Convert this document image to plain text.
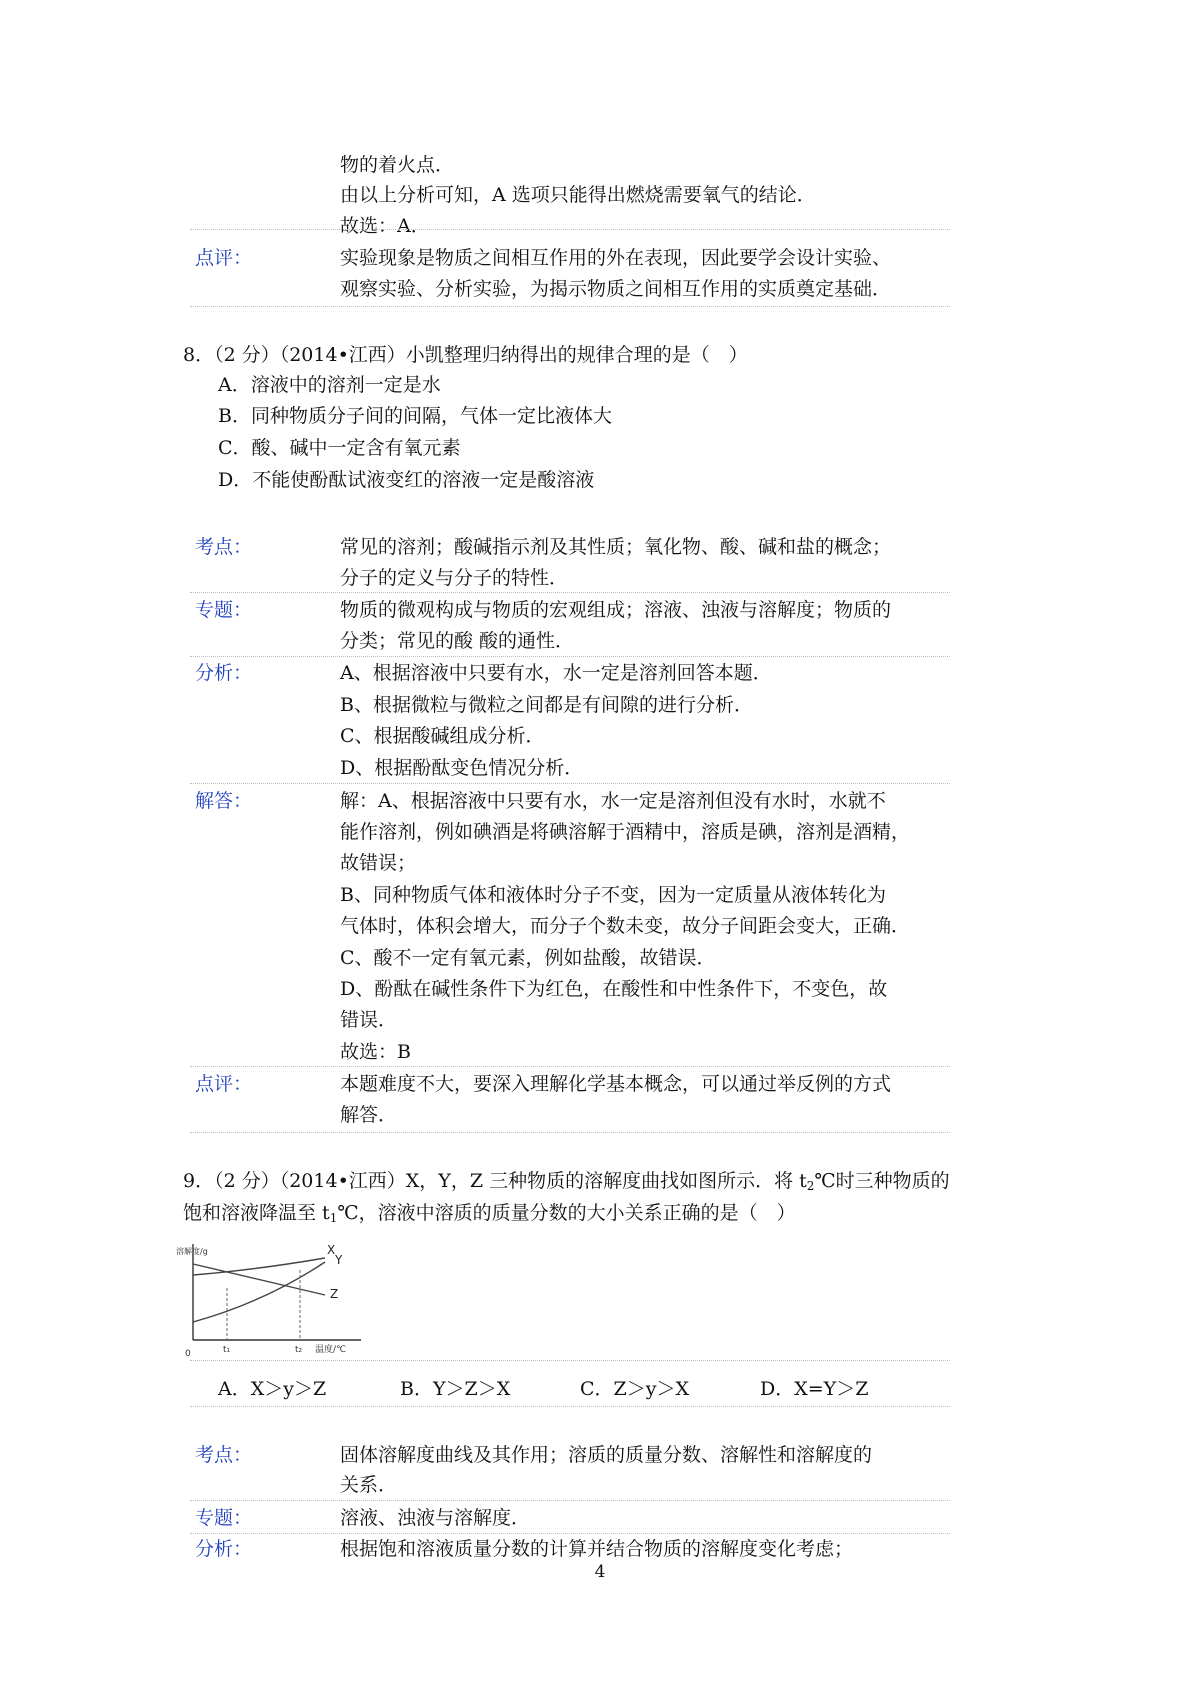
物的着火点．
由以上分析可知，A 选项只能得出燃烧需要氧气的结论．
故选：A．
点评：	实验现象是物质之间相互作用的外在表现，因此要学会设计实验、
观察实验、分析实验，为揭示物质之间相互作用的实质奠定基础．
8．（2 分）（2014•江西）小凯整理归纳得出的规律合理的是（　）
A．溶液中的溶剂一定是水
B．同种物质分子间的间隔，气体一定比液体大
C．酸、碱中一定含有氧元素
D．不能使酚酞试液变红的溶液一定是酸溶液
考点：	常见的溶剂；酸碱指示剂及其性质；氧化物、酸、碱和盐的概念；
分子的定义与分子的特性．
专题：	物质的微观构成与物质的宏观组成；溶液、浊液与溶解度；物质的
分类；常见的酸 酸的通性．
分析：	A、根据溶液中只要有水，水一定是溶剂回答本题．
B、根据微粒与微粒之间都是有间隙的进行分析．
C、根据酸碱组成分析．
D、根据酚酞变色情况分析．
解答：	解：A、根据溶液中只要有水，水一定是溶剂但没有水时，水就不
能作溶剂，例如碘酒是将碘溶解于酒精中，溶质是碘，溶剂是酒精，
故错误；
B、同种物质气体和液体时分子不变，因为一定质量从液体转化为
气体时，体积会增大，而分子个数未变，故分子间距会变大，正确．
C、酸不一定有氧元素，例如盐酸，故错误．
D、酚酞在碱性条件下为红色，在酸性和中性条件下，不变色，故
错误．
故选：B
点评：	本题难度不大，要深入理解化学基本概念，可以通过举反例的方式
解答．
9．（2 分）（2014•江西）X，Y，Z 三种物质的溶解度曲找如图所示．将 $t_2℃$时三种物质的
饱和溶液降温至 $t_1℃$，溶液中溶质的质量分数的大小关系正确的是（　）
溶解度/g
温度/℃
0	t₁	t₂
X
Y
Z
A．X＞y＞Z	B．Y＞Z＞X	C．Z＞y＞X	D．X=Y＞Z
考点：	固体溶解度曲线及其作用；溶质的质量分数、溶解性和溶解度的
关系．
专题：	溶液、浊液与溶解度．
分析：	根据饱和溶液质量分数的计算并结合物质的溶解度变化考虑；
4
